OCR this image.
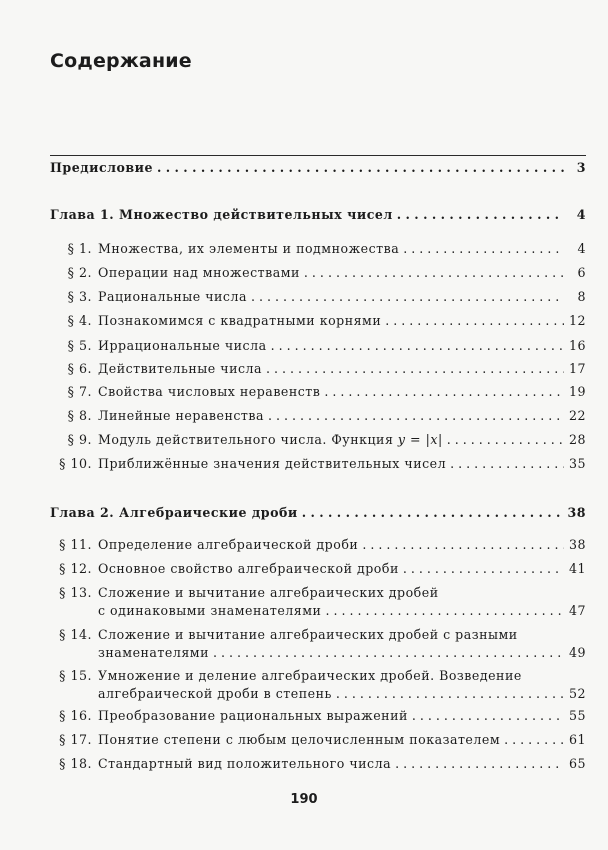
Содержание
Предисловие . . .	3
Глава 1. Множество действительных чисел . . .	4
§ 1. Множества, их элементы и подмножества . . .	4
§ 2. Операции над множествами . . .	6
§ 3. Рациональные числа . . .	8
§ 4. Познакомимся с квадратными корнями . . .	12
§ 5. Иррациональные числа . . .	16
§ 6. Действительные числа . . .	17
§ 7. Свойства числовых неравенств . . .	19
§ 8. Линейные неравенства . . .	22
§ 9. Модуль действительного числа. Функция y = |x| . . .	28
§ 10. Приближённые значения действительных чисел . . .	35
Глава 2. Алгебраические дроби . . .	38
§ 11. Определение алгебраической дроби . . .	38
§ 12. Основное свойство алгебраической дроби . . .	41
§ 13. Сложение и вычитание алгебраических дробей
с одинаковыми знаменателями . . .	47
§ 14. Сложение и вычитание алгебраических дробей с разными
знаменателями . . .	49
§ 15. Умножение и деление алгебраических дробей. Возведение
алгебраической дроби в степень . . .	52
§ 16. Преобразование рациональных выражений . . .	55
§ 17. Понятие степени с любым целочисленным показателем . . .	61
§ 18. Стандартный вид положительного числа . . .	65
190
